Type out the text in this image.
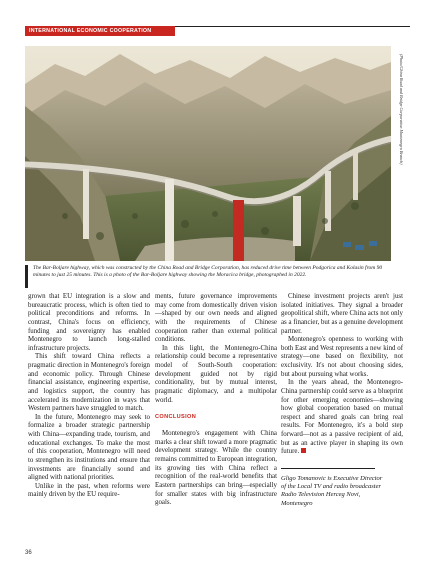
INTERNATIONAL ECONOMIC COOPERATION
(Photo/China Road and Bridge Corporation Montenegro Branch)
The Bar-Boljare highway, which was constructed by the China Road and Bridge Corporation, has reduced drive time between Podgorica and Kolasin from 90 minutes to just 25 minutes. This is a photo of the Bar-Boljare highway showing the Moracica bridge, photographed in 2022.

grown that EU integration is a slow and bureaucratic process, which is often tied to political preconditions and reforms. In contrast, China's focus on efficiency, funding and sovereignty has enabled Montenegro to launch long-stalled infrastructure projects.

This shift toward China reflects a pragmatic direction in Montenegro's foreign and economic policy. Through Chinese financial assistance, engineering expertise, and logistics support, the country has accelerated its modernization in ways that Western partners have struggled to match.

In the future, Montenegro may seek to formalize a broader strategic partnership with China—expanding trade, tourism, and educational exchanges. To make the most of this cooperation, Montenegro will need to strengthen its institutions and ensure that investments are financially sound and aligned with national priorities.

Unlike in the past, when reforms were mainly driven by the EU require-

ments, future governance improvements may come from domestically driven vision—shaped by our own needs and aligned with the requirements of Chinese cooperation rather than external political conditions.

In this light, the Montenegro-China relationship could become a representative model of South-South cooperation: development guided not by rigid conditionality, but by mutual interest, pragmatic diplomacy, and a multipolar world.

CONCLUSION

Montenegro's engagement with China marks a clear shift toward a more pragmatic development strategy. While the country remains committed to European integration, its growing ties with China reflect a recognition of the real-world benefits that Eastern partnerships can bring—especially for smaller states with big infrastructure goals.

Chinese investment projects aren't just isolated initiatives. They signal a broader geopolitical shift, where China acts not only as a financier, but as a genuine development partner.

Montenegro's openness to working with both East and West represents a new kind of strategy—one based on flexibility, not exclusivity. It's not about choosing sides, but about pursuing what works.

In the years ahead, the Montenegro-China partnership could serve as a blueprint for other emerging economies—showing how global cooperation based on mutual respect and shared goals can bring real results. For Montenegro, it's a bold step forward—not as a passive recipient of aid, but as an active player in shaping its own future.

Gligo Tomanovic is Executive Director
of the Local TV and radio broadcaster
Radio Television Herceg Novi,
Montenegro

36
